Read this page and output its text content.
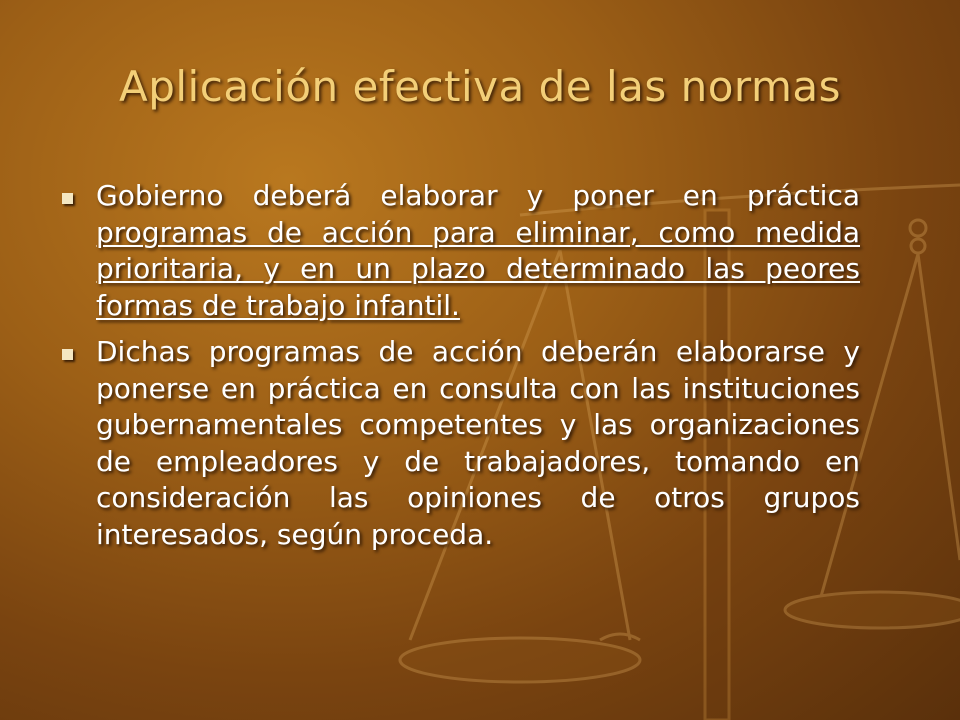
Aplicación efectiva de las normas
Gobierno deberá elaborar y poner en práctica programas de acción para eliminar, como medida prioritaria, y en un plazo determinado las peores formas de trabajo infantil.
Dichas programas de acción deberán elaborarse y ponerse en práctica en consulta con las instituciones gubernamentales competentes y las organizaciones de empleadores y de trabajadores, tomando en consideración las opiniones de otros grupos interesados, según proceda.
